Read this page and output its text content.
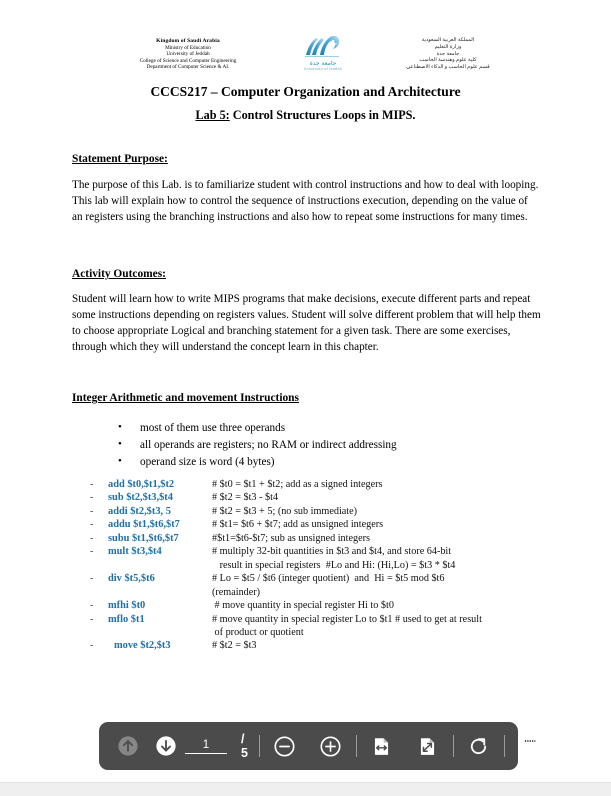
Kingdom of Saudi Arabia
Ministry of Education
University of Jeddah
College of Science and Computer Engineering
Department of Computer Science & AI.	جامعة جدة
University of Jeddah
المملكة العربية السعودية
وزارة التعليم
جامعة جدة
كلية علوم وهندسة الحاسب
قسم علوم الحاسب و الذكاء الاصطناعي
CCCS217 – Computer Organization and Architecture
Lab 5: Control Structures Loops in MIPS.
Statement Purpose:
The purpose of this Lab. is to familiarize student with control instructions and how to deal with looping. This lab will explain how to control the sequence of instructions execution, depending on the value of an registers using the branching instructions and also how to repeat some instructions for many times.
Activity Outcomes:
Student will learn how to write MIPS programs that make decisions, execute different parts and repeat some instructions depending on registers values. Student will solve different problem that will help them to choose appropriate Logical and branching statement for a given task. There are some exercises, through which they will understand the concept learn in this chapter.
Integer Arithmetic and movement Instructions
• most of them use three operands
• all operands are registers; no RAM or indirect addressing
• operand size is word (4 bytes)
-	add $t0,$t1,$t2	# $t0 = $t1 + $t2; add as a signed integers
-	sub $t2,$t3,$t4	# $t2 = $t3 - $t4
-	addi $t2,$t3, 5	# $t2 = $t3 + 5; (no sub immediate)
-	addu $t1,$t6,$t7	# $t1= $t6 + $t7; add as unsigned integers
-	subu $t1,$t6,$t7	#$t1=$t6-$t7; sub as unsigned integers
-	mult $t3,$t4	# multiply 32-bit quantities in $t3 and $t4, and store 64-bit
result in special registers  #Lo and Hi: (Hi,Lo) = $t3 * $t4
-	div $t5,$t6	# Lo = $t5 / $t6 (integer quotient)  and  Hi = $t5 mod $t6
(remainder)
-	mfhi $t0	# move quantity in special register Hi to $t0
-	mflo $t1	# move quantity in special register Lo to $t1 # used to get at result
of product or quotient
-	move $t2,$t3	# $t2 = $t3
1
/ 5
